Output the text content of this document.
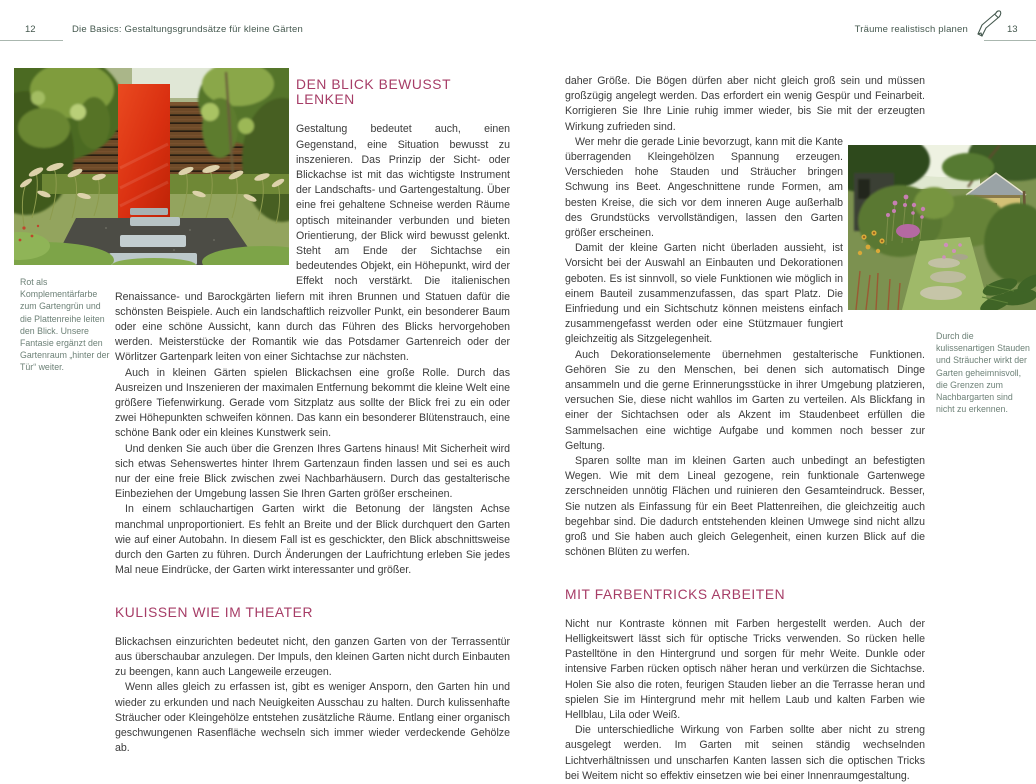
12	Die Basics: Gestaltungsgrundsätze für kleine Gärten	Träume realistisch planen	13
Rot als Komplementärfarbe zum Gartengrün und die Plattenreihe leiten den Blick. Unsere Fantasie ergänzt den Gartenraum „hinter der Tür“ weiter.
DEN BLICK BEWUSST LENKEN

Gestaltung bedeutet auch, einen Gegenstand, eine Situation bewusst zu inszenieren. Das Prinzip der Sicht- oder Blickachse ist mit das wichtigste Instrument der Landschafts- und Gartengestaltung. Über eine frei gehaltene Schneise werden Räume optisch miteinander verbunden und bieten Orientierung, der Blick wird bewusst gelenkt. Steht am Ende der Sichtachse ein bedeutendes Objekt, ein Höhepunkt, wird der Effekt noch verstärkt. Die italienischen Renaissance- und Barockgärten liefern mit ihren Brunnen und Statuen dafür die schönsten Beispiele. Auch ein landschaftlich reizvoller Punkt, ein besonderer Baum oder eine schöne Aussicht, kann durch das Führen des Blicks hervorgehoben werden. Meisterstücke der Romantik wie das Potsdamer Gartenreich oder der Wörlitzer Gartenpark leiten von einer Sichtachse zur nächsten.

Auch in kleinen Gärten spielen Blickachsen eine große Rolle. Durch das Ausreizen und Inszenieren der maximalen Entfernung bekommt die kleine Welt eine größere Tiefenwirkung. Gerade vom Sitzplatz aus sollte der Blick frei zu ein oder zwei Höhepunkten schweifen können. Das kann ein besonderer Blütenstrauch, eine schöne Bank oder ein kleines Kunstwerk sein.

Und denken Sie auch über die Grenzen Ihres Gartens hinaus! Mit Sicherheit wird sich etwas Sehenswertes hinter Ihrem Gartenzaun finden lassen und sei es auch nur der eine freie Blick zwischen zwei Nachbarhäusern. Durch das gestalterische Einbeziehen der Umgebung lassen Sie Ihren Garten größer erscheinen.

In einem schlauchartigen Garten wirkt die Betonung der längsten Achse manchmal unproportioniert. Es fehlt an Breite und der Blick durchquert den Garten wie auf einer Autobahn. In diesem Fall ist es geschickter, den Blick abschnittsweise durch den Garten zu führen. Durch Änderungen der Laufrichtung erleben Sie jedes Mal neue Eindrücke, der Garten wirkt interessanter und größer.

KULISSEN WIE IM THEATER

Blickachsen einzurichten bedeutet nicht, den ganzen Garten von der Terrassentür aus überschaubar anzulegen. Der Impuls, den kleinen Garten nicht durch Einbauten zu beengen, kann auch Langeweile erzeugen.

Wenn alles gleich zu erfassen ist, gibt es weniger Ansporn, den Garten hin und wieder zu erkunden und nach Neuigkeiten Ausschau zu halten. Durch kulissenhafte Sträucher oder Kleingehölze entstehen zusätzliche Räume. Entlang einer organisch geschwungenen Rasenfläche wechseln sich immer wieder verdeckende Gehölze ab.

daher Größe. Die Bögen dürfen aber nicht gleich groß sein und müssen großzügig angelegt werden. Das erfordert ein wenig Gespür und Feinarbeit. Korrigieren Sie Ihre Linie ruhig immer wieder, bis Sie mit der erzeugten Wirkung zufrieden sind.

Wer mehr die gerade Linie bevorzugt, kann mit die Kante überragenden Kleingehölzen Spannung erzeugen. Verschieden hohe Stauden und Sträucher bringen Schwung ins Beet. Angeschnittene runde Formen, am besten Kreise, die sich vor dem inneren Auge außerhalb des Grundstücks vervollständigen, lassen den Garten größer erscheinen.

Damit der kleine Garten nicht überladen aussieht, ist Vorsicht bei der Auswahl an Einbauten und Dekorationen geboten. Es ist sinnvoll, so viele Funktionen wie möglich in einem Bauteil zusammenzufassen, das spart Platz. Die Einfriedung und ein Sichtschutz können meistens einfach zusammengefasst werden oder eine Stützmauer fungiert gleichzeitig als Sitzgelegenheit.

Auch Dekorationselemente übernehmen gestalterische Funktionen. Gehören Sie zu den Menschen, bei denen sich automatisch Dinge ansammeln und die gerne Erinnerungsstücke in ihrer Umgebung platzieren, versuchen Sie, diese nicht wahllos im Garten zu verteilen. Als Blickfang in einer der Sichtachsen oder als Akzent im Staudenbeet erfüllen die Sammelsachen eine wichtige Aufgabe und kommen noch besser zur Geltung.

Sparen sollte man im kleinen Garten auch unbedingt an befestigten Wegen. Wie mit dem Lineal gezogene, rein funktionale Gartenwege zerschneiden unnötig Flächen und ruinieren den Gesamteindruck. Besser, Sie nutzen als Einfassung für ein Beet Plattenreihen, die gleichzeitig auch begehbar sind. Die dadurch entstehenden kleinen Umwege sind nicht allzu groß und Sie haben auch gleich Gelegenheit, einen kurzen Blick auf die schönen Blüten zu werfen.

MIT FARBENTRICKS ARBEITEN

Nicht nur Kontraste können mit Farben hergestellt werden. Auch der Helligkeitswert lässt sich für optische Tricks verwenden. So rücken helle Pastelltöne in den Hintergrund und sorgen für mehr Weite. Dunkle oder intensive Farben rücken optisch näher heran und verkürzen die Sichtachse. Holen Sie also die roten, feurigen Stauden lieber an die Terrasse heran und spielen Sie im Hintergrund mehr mit hellem Laub und kalten Farben wie Hellblau, Lila oder Weiß.

Die unterschiedliche Wirkung von Farben sollte aber nicht zu streng ausgelegt werden. Im Garten mit seinen ständig wechselnden Lichtverhältnissen und unscharfen Kanten lassen sich die optischen Tricks bei Weitem nicht so effektiv einsetzen wie bei einer Innenraumgestaltung.

Durch die kulissenartigen Stauden und Sträucher wirkt der Garten geheimnisvoll, die Grenzen zum Nachbargarten sind nicht zu erkennen.
